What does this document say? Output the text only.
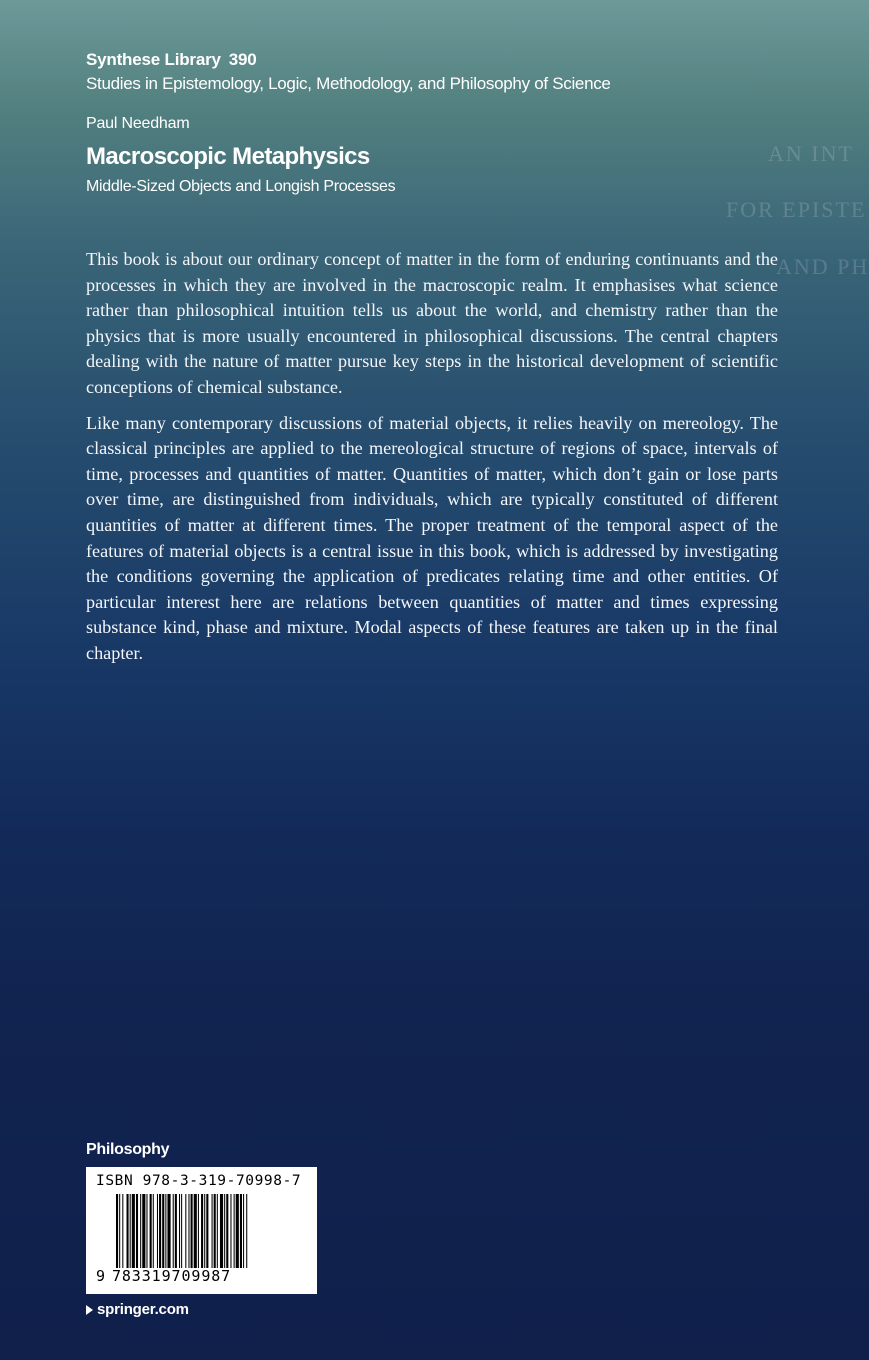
Synthese Library 390
Studies in Epistemology, Logic, Methodology, and Philosophy of Science
Paul Needham
Macroscopic Metaphysics
Middle-Sized Objects and Longish Processes
AN INT
FOR EPISTE
AND PH

This book is about our ordinary concept of matter in the form of enduring continuants and the processes in which they are involved in the macroscopic realm. It emphasises what science rather than philosophical intuition tells us about the world, and chemistry rather than the physics that is more usually encountered in philosophical discussions. The central chapters dealing with the nature of matter pursue key steps in the historical development of scientific conceptions of chemical substance.

Like many contemporary discussions of material objects, it relies heavily on mereology. The classical principles are applied to the mereological structure of regions of space, intervals of time, processes and quantities of matter. Quantities of matter, which don’t gain or lose parts over time, are distinguished from individuals, which are typically constituted of different quantities of matter at different times. The proper treatment of the temporal aspect of the features of material objects is a central issue in this book, which is addressed by investigating the conditions governing the application of predicates relating time and other entities. Of particular interest here are relations between quantities of matter and times expressing substance kind, phase and mixture. Modal aspects of these features are taken up in the final chapter.

Philosophy
ISBN 978-3-319-70998-7
9 783319709987
springer.com
